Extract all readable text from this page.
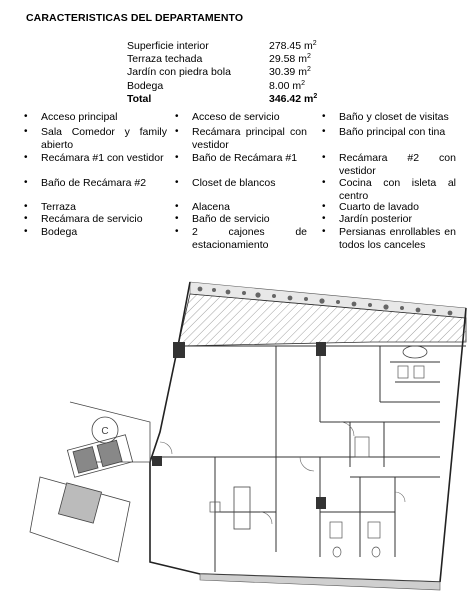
CARACTERISTICAS DEL DEPARTAMENTO
Superficie interior	278.45 $m^2$
Terraza techada	29.58 $m^2$
Jardín con piedra bola	30.39 $m^2$
Bodega	8.00 $m^2$
Total	346.42 $m^2$
•	Acceso principal
•	Sala Comedor y family abierto
•	Recámara #1 con vestidor
•	Baño de Recámara #2
•	Terraza
•	Recámara de servicio
•	Bodega
•	Acceso de servicio
•	Recámara principal con vestidor
•	Baño de Recámara #1
•	Closet de blancos
•	Alacena
•	Baño de servicio
•	2 cajones de estacionamiento
•	Baño y closet de visitas
•	Baño principal con tina
•	Recámara #2 con vestidor
•	Cocina con isleta al centro
•	Cuarto de lavado
•	Jardín posterior
•	Persianas enrollables en todos los canceles
C
